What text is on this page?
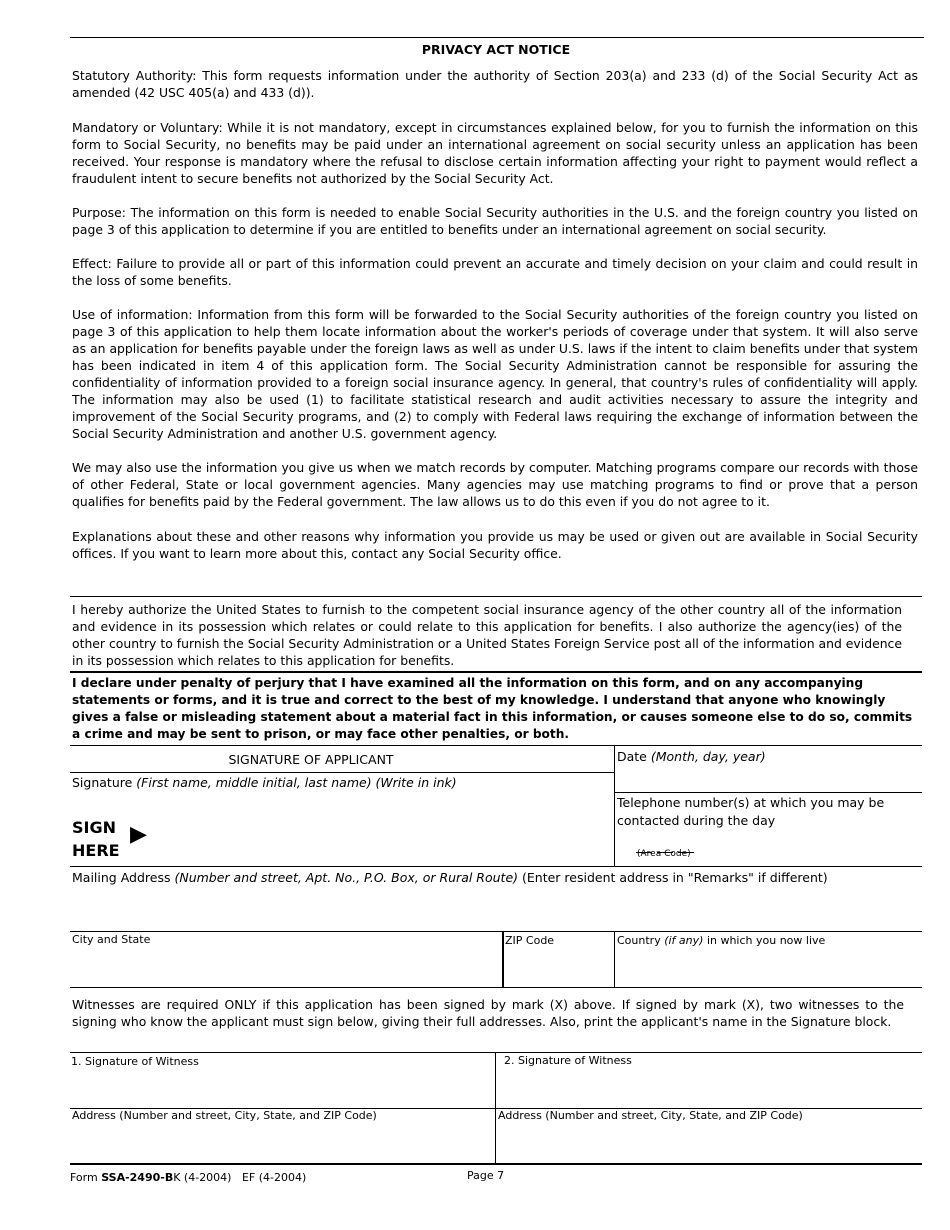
PRIVACY ACT NOTICE

Statutory Authority: This form requests information under the authority of Section 203(a) and 233 (d) of the Social Security Act as amended (42 USC 405(a) and 433 (d)).

Mandatory or Voluntary: While it is not mandatory, except in circumstances explained below, for you to furnish the information on this form to Social Security, no benefits may be paid under an international agreement on social security unless an application has been received. Your response is mandatory where the refusal to disclose certain information affecting your right to payment would reflect a fraudulent intent to secure benefits not authorized by the Social Security Act.

Purpose: The information on this form is needed to enable Social Security authorities in the U.S. and the foreign country you listed on page 3 of this application to determine if you are entitled to benefits under an international agreement on social security.

Effect: Failure to provide all or part of this information could prevent an accurate and timely decision on your claim and could result in the loss of some benefits.

Use of information: Information from this form will be forwarded to the Social Security authorities of the foreign country you listed on page 3 of this application to help them locate information about the worker's periods of coverage under that system. It will also serve as an application for benefits payable under the foreign laws as well as under U.S. laws if the intent to claim benefits under that system has been indicated in item 4 of this application form. The Social Security Administration cannot be responsible for assuring the confidentiality of information provided to a foreign social insurance agency. In general, that country's rules of confidentiality will apply. The information may also be used (1) to facilitate statistical research and audit activities necessary to assure the integrity and improvement of the Social Security programs, and (2) to comply with Federal laws requiring the exchange of information between the Social Security Administration and another U.S. government agency.

We may also use the information you give us when we match records by computer. Matching programs compare our records with those of other Federal, State or local government agencies. Many agencies may use matching programs to find or prove that a person qualifies for benefits paid by the Federal government. The law allows us to do this even if you do not agree to it.

Explanations about these and other reasons why information you provide us may be used or given out are available in Social Security offices. If you want to learn more about this, contact any Social Security office.

I hereby authorize the United States to furnish to the competent social insurance agency of the other country all of the information and evidence in its possession which relates or could relate to this application for benefits. I also authorize the agency(ies) of the other country to furnish the Social Security Administration or a United States Foreign Service post all of the information and evidence in its possession which relates to this application for benefits.

I declare under penalty of perjury that I have examined all the information on this form, and on any accompanying statements or forms, and it is true and correct to the best of my knowledge. I understand that anyone who knowingly gives a false or misleading statement about a material fact in this information, or causes someone else to do so, commits a crime and may be sent to prison, or may face other penalties, or both.

SIGNATURE OF APPLICANT
Signature (First name, middle initial, last name) (Write in ink)
SIGN
HERE
▶
Date (Month, day, year)
Telephone number(s) at which you may be contacted during the day
(Area Code)
Mailing Address (Number and street, Apt. No., P.O. Box, or Rural Route) (Enter resident address in "Remarks" if different)
City and State	ZIP Code	Country (if any) in which you now live

Witnesses are required ONLY if this application has been signed by mark (X) above. If signed by mark (X), two witnesses to the signing who know the applicant must sign below, giving their full addresses. Also, print the applicant's name in the Signature block.

1. Signature of Witness	2. Signature of Witness
Address (Number and street, City, State, and ZIP Code)	Address (Number and street, City, State, and ZIP Code)
Form SSA-2490-BK (4-2004) EF (4-2004)	Page 7
